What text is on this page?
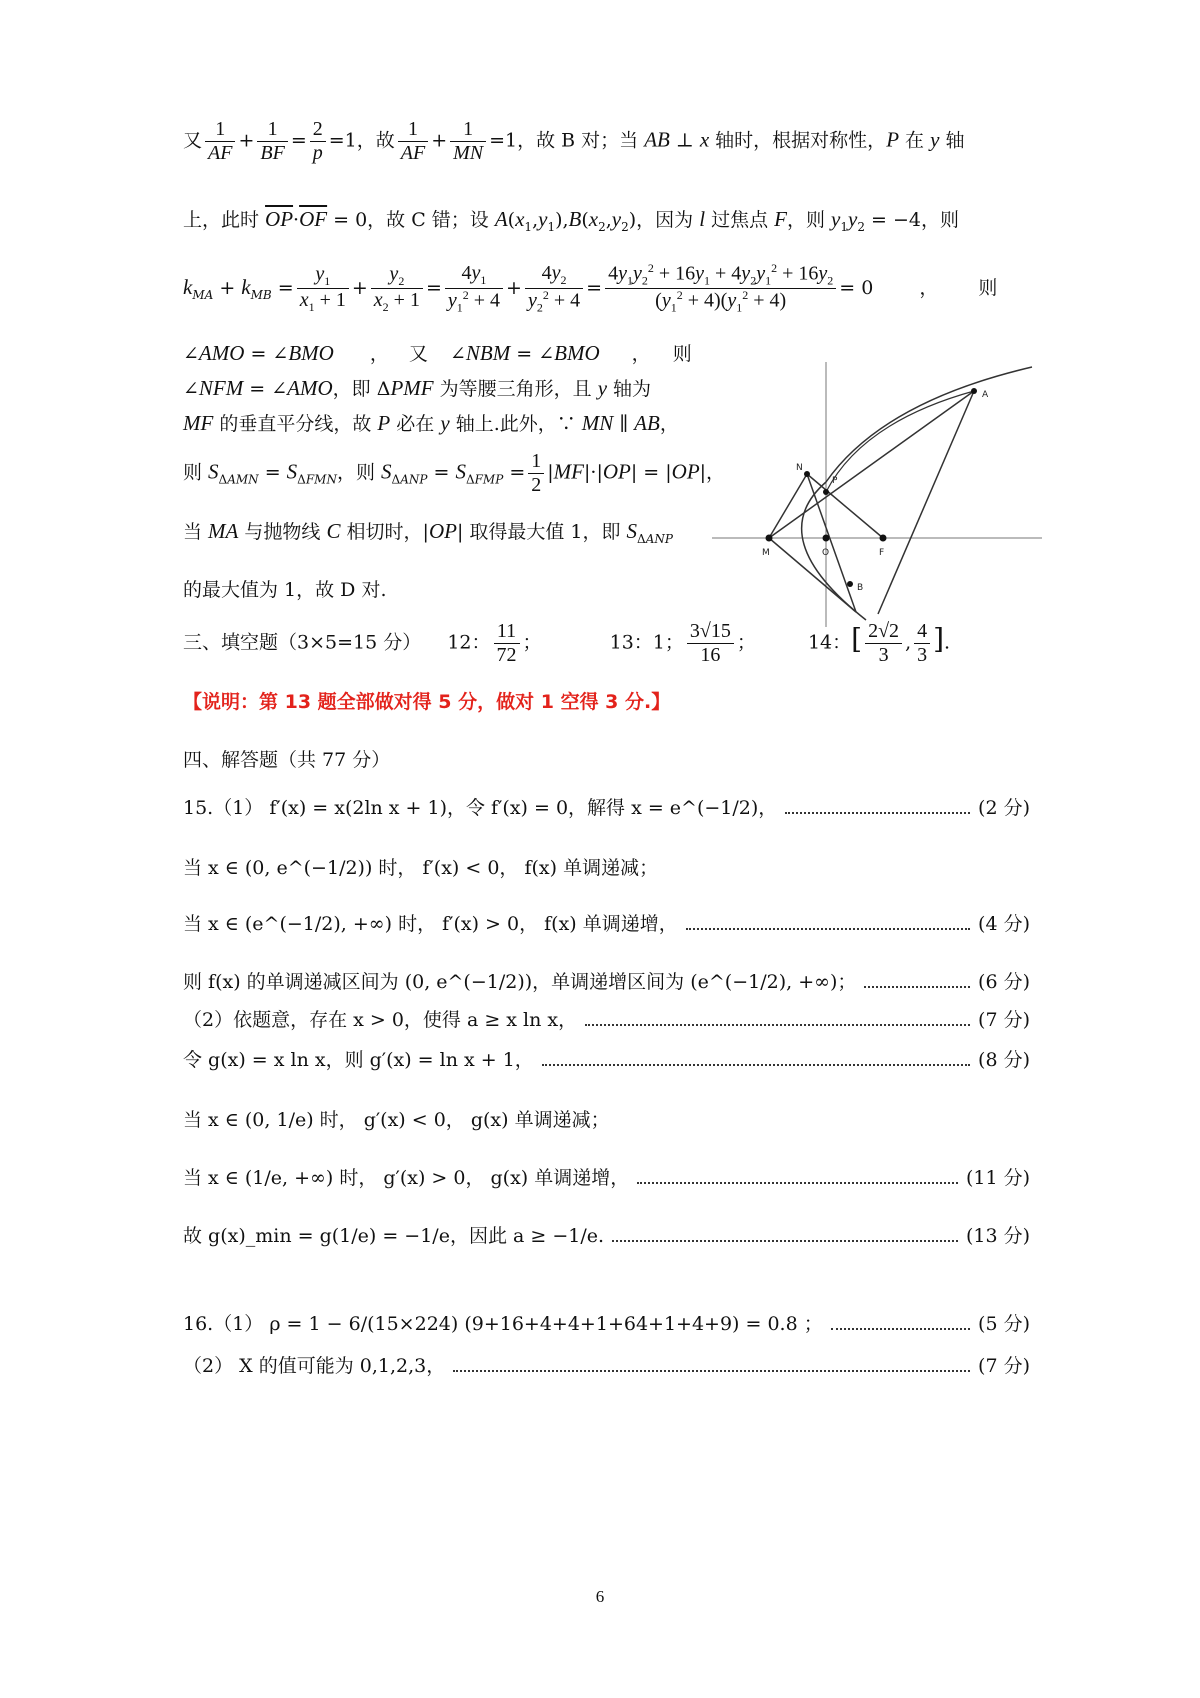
又 $\frac{1}{AF} + \frac{1}{BF} = \frac{2}{p} =1$，故 $\frac{1}{AF} + \frac{1}{MN} =1$，故 B 对；当 AB ⊥ x 轴时，根据对称性，P 在 y 轴
上，此时 $\overline{OP}\cdot\overline{OF} = 0$，故 C 错；设 $A(x_1,y_1),B(x_2,y_2)$，因为 l 过焦点 F，则 $y_1y_2 = -4$，则
$k_{MA} + k_{MB} = \frac{y_1}{x_1 + 1} + \frac{y_2}{x_2 + 1} = \frac{4y_1}{y_1^2 + 4} + \frac{4y_2}{y_2^2 + 4} = \frac{4y_1y_2^2 + 16y_1 + 4y_2y_1^2 + 16y_2}{(y_1^2 + 4)(y_1^2 + 4)} = 0$ ， 则
∠AMO = ∠BMO ， 又 ∠NBM = ∠BMO ， 则
∠NFM = ∠AMO，即 ΔPMF 为等腰三角形，且 y 轴为
MF 的垂直平分线，故 P 必在 y 轴上.此外，∵ MN ∥ AB，
则 $S_{\Delta AMN} = S_{\Delta FMN}$，则 $S_{\Delta ANP} = S_{\Delta FMP} = \frac{1}{2} |MF|\cdot|OP| = |OP|$，
当 MA 与抛物线 C 相切时，|OP| 取得最大值 1，即 $S_{\Delta ANP}$
的最大值为 1，故 D 对.
A
B
N
P
M	O	F
三、填空题（3×5=15 分） 12： $\frac{11}{72}$ ；	13：1； $\frac{3√15}{16}$ ；  14：[ $\frac{2√2}{3}$ , $\frac{4}{3}$ ].
【说明：第 13 题全部做对得 5 分，做对 1 空得 3 分.】
四、解答题（共 77 分）
15.（1） f′(x) = x(2ln x + 1)，令 f′(x) = 0，解得 x = e^(−1/2)，	(2 分)
当 x ∈ (0, e^(−1/2)) 时， f′(x) < 0， f(x) 单调递减；
当 x ∈ (e^(−1/2), +∞) 时， f′(x) > 0， f(x) 单调递增，	(4 分)
则 f(x) 的单调递减区间为 (0, e^(−1/2))，单调递增区间为 (e^(−1/2), +∞)；	(6 分)
（2）依题意，存在 x > 0，使得 a ≥ x ln x，	(7 分)
令 g(x) = x ln x，则 g′(x) = ln x + 1，	(8 分)
当 x ∈ (0, 1/e) 时， g′(x) < 0， g(x) 单调递减；
当 x ∈ (1/e, +∞) 时， g′(x) > 0， g(x) 单调递增，	(11 分)
故 g(x)_min = g(1/e) = −1/e，因此 a ≥ −1/e.	(13 分)
16.（1） ρ = 1 − 6/(15×224) (9+16+4+4+1+64+1+4+9) = 0.8 ；	(5 分)
（2） X 的值可能为 0,1,2,3，	(7 分)
6
